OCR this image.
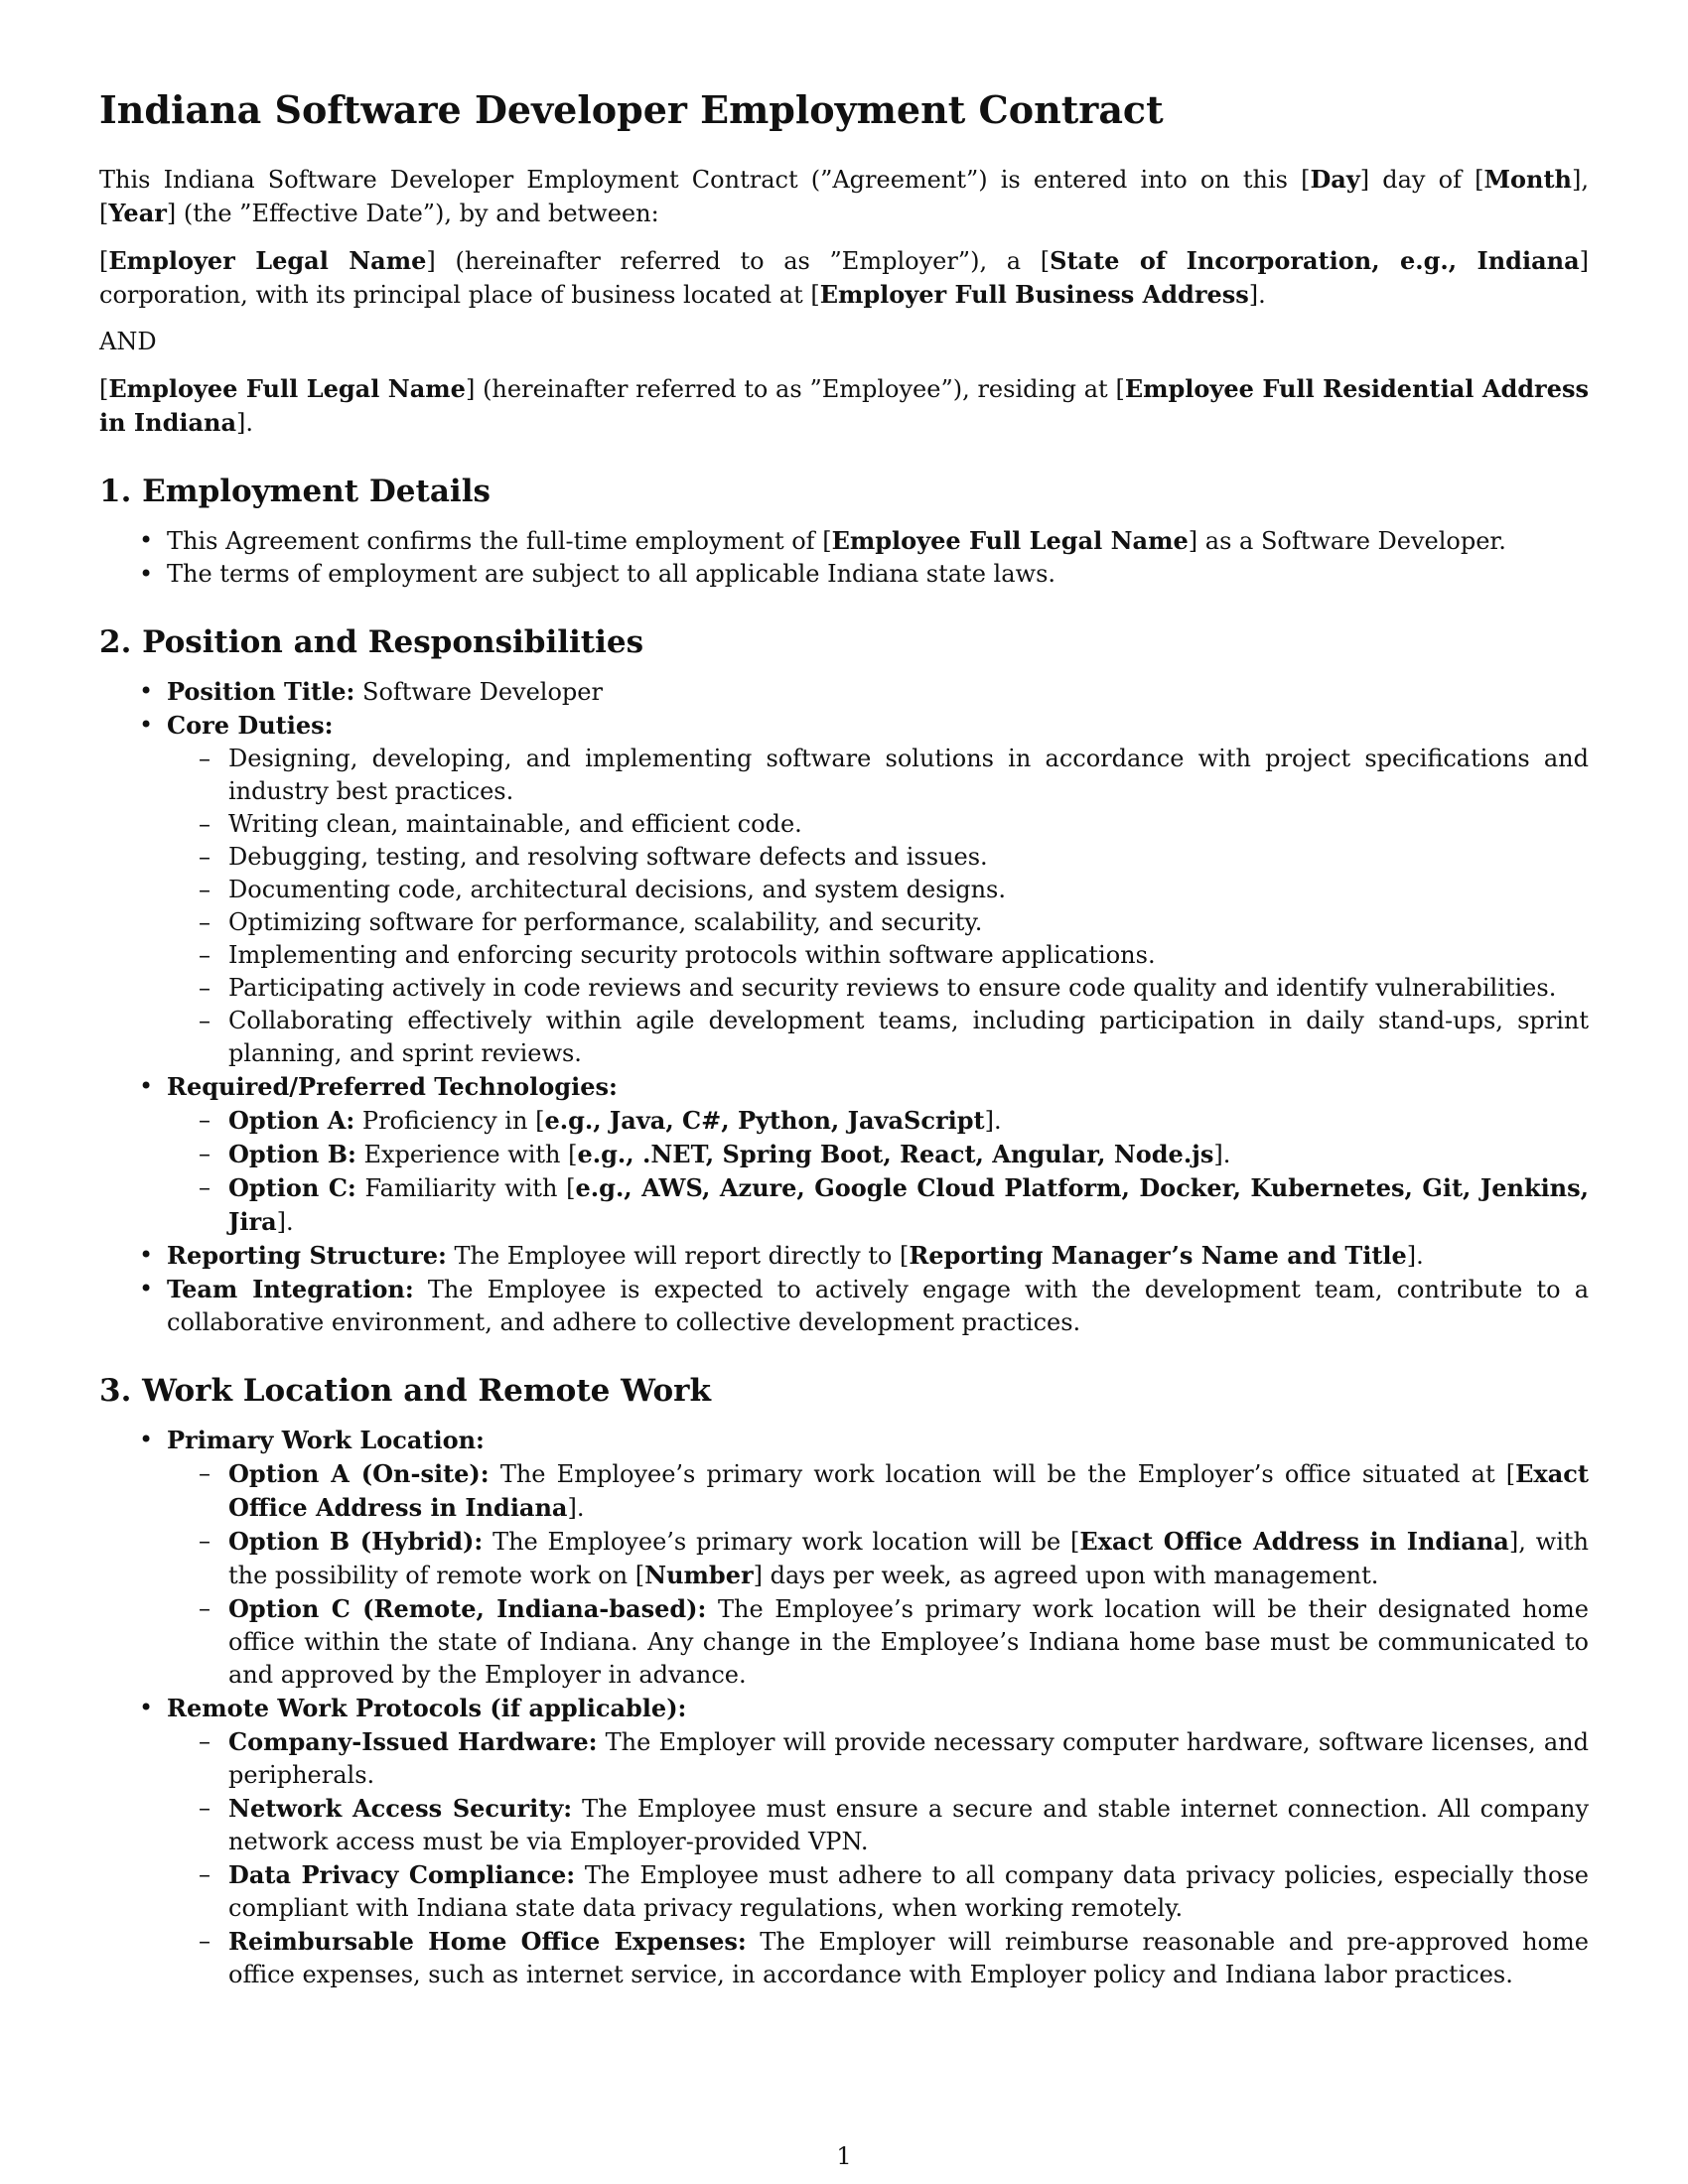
Indiana Software Developer Employment Contract

This Indiana Software Developer Employment Contract (”Agreement”) is entered into on this [Day] day of [Month], [Year] (the ”Effective Date”), by and between:

[Employer Legal Name] (hereinafter referred to as ”Employer”), a [State of Incorporation, e.g., Indiana] corporation, with its principal place of business located at [Employer Full Business Address].

AND

[Employee Full Legal Name] (hereinafter referred to as ”Employee”), residing at [Employee Full Residential Address in Indiana].

1. Employment Details
• This Agreement confirms the full-time employment of [Employee Full Legal Name] as a Software Developer.
• The terms of employment are subject to all applicable Indiana state laws.
2. Position and Responsibilities
• Position Title: Software Developer
• Core Duties:
– Designing, developing, and implementing software solutions in accordance with project specifications and industry best practices.
– Writing clean, maintainable, and efficient code.
– Debugging, testing, and resolving software defects and issues.
– Documenting code, architectural decisions, and system designs.
– Optimizing software for performance, scalability, and security.
– Implementing and enforcing security protocols within software applications.
– Participating actively in code reviews and security reviews to ensure code quality and identify vulnerabilities.
– Collaborating effectively within agile development teams, including participation in daily stand-ups, sprint planning, and sprint reviews.
• Required/Preferred Technologies:
– Option A: Proficiency in [e.g., Java, C#, Python, JavaScript].
– Option B: Experience with [e.g., .NET, Spring Boot, React, Angular, Node.js].
– Option C: Familiarity with [e.g., AWS, Azure, Google Cloud Platform, Docker, Kubernetes, Git, Jenkins, Jira].
• Reporting Structure: The Employee will report directly to [Reporting Manager’s Name and Title].
• Team Integration: The Employee is expected to actively engage with the development team, contribute to a collaborative environment, and adhere to collective development practices.
3. Work Location and Remote Work
• Primary Work Location:
– Option A (On-site): The Employee’s primary work location will be the Employer’s office situated at [Exact Office Address in Indiana].
– Option B (Hybrid): The Employee’s primary work location will be [Exact Office Address in Indiana], with the possibility of remote work on [Number] days per week, as agreed upon with management.
– Option C (Remote, Indiana-based): The Employee’s primary work location will be their designated home office within the state of Indiana. Any change in the Employee’s Indiana home base must be communicated to and approved by the Employer in advance.
• Remote Work Protocols (if applicable):
– Company-Issued Hardware: The Employer will provide necessary computer hardware, software licenses, and peripherals.
– Network Access Security: The Employee must ensure a secure and stable internet connection. All company network access must be via Employer-provided VPN.
– Data Privacy Compliance: The Employee must adhere to all company data privacy policies, especially those compliant with Indiana state data privacy regulations, when working remotely.
– Reimbursable Home Office Expenses: The Employer will reimburse reasonable and pre-approved home office expenses, such as internet service, in accordance with Employer policy and Indiana labor practices.
1
